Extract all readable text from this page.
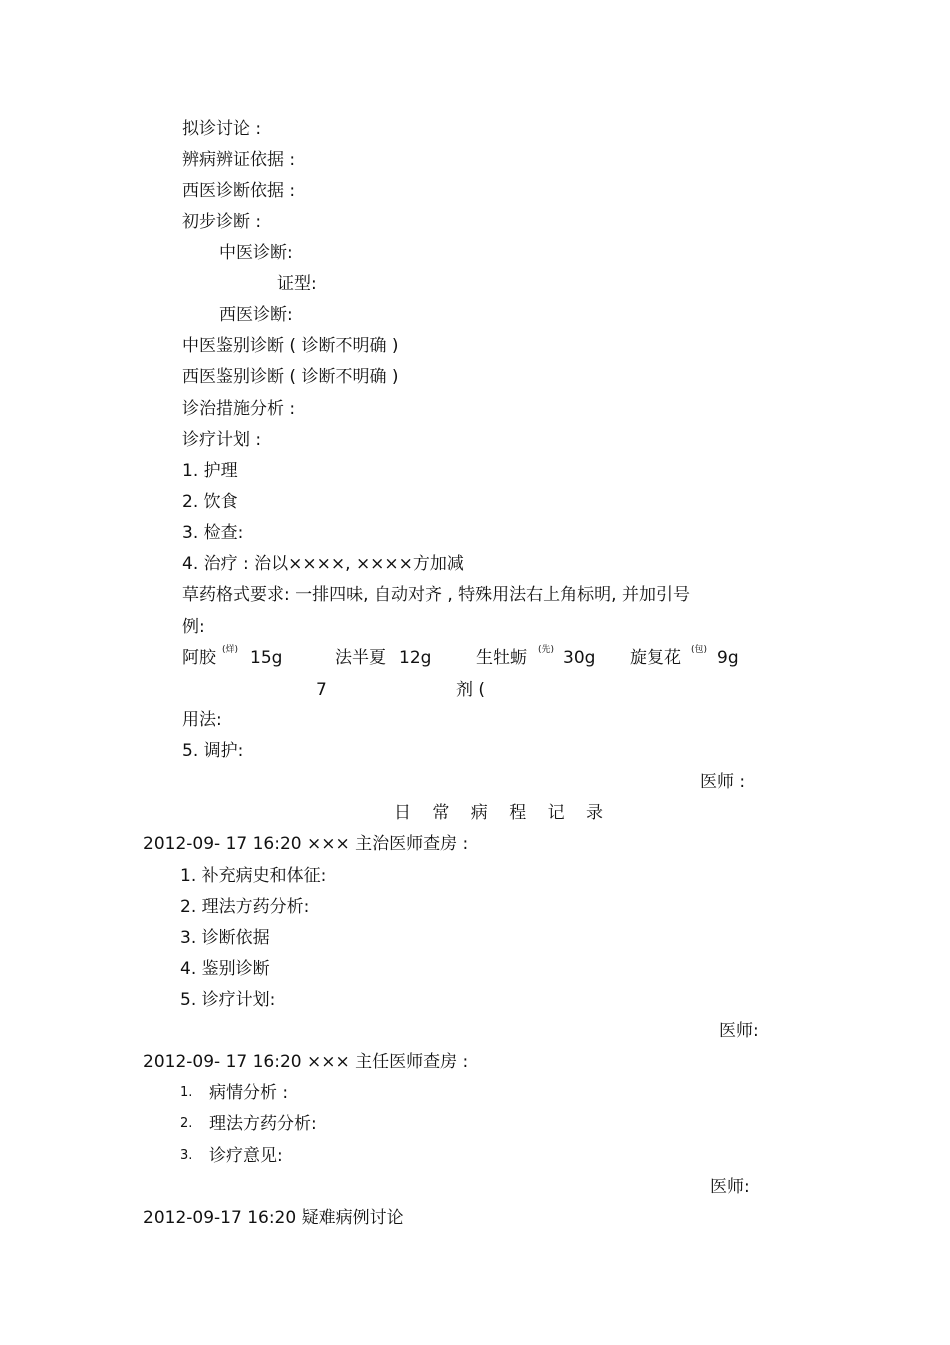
拟诊讨论 :
辨病辨证依据 :
西医诊断依据 :
初步诊断 :
中医诊断:
证型:
西医诊断:
中医鉴别诊断 ( 诊断不明确 )
西医鉴别诊断 ( 诊断不明确 )
诊治措施分析 :
诊疗计划 :
1. 护理
2. 饮食
3. 检查:
4. 治疗 : 治以××××, ××××方加减
草药格式要求: 一排四味, 自动对齐 , 特殊用法右上角标明, 并加引号
例:
阿胶 (烊) 15g	法半夏 12g	生牡蛎 (先) 30g 旋复花 (包) 9g
7	剂 (
用法:
5. 调护:
医师 :
日 常 病 程 记 录
2012-09- 17 16:20 ××× 主治医师查房 :
1. 补充病史和体征:
2. 理法方药分析:
3. 诊断依据
4. 鉴别诊断
5. 诊疗计划:
医师:
2012-09- 17 16:20 ××× 主任医师查房 :
1. 病情分析 :
2. 理法方药分析:
3. 诊疗意见:
医师:
2012-09-17 16:20 疑难病例讨论
